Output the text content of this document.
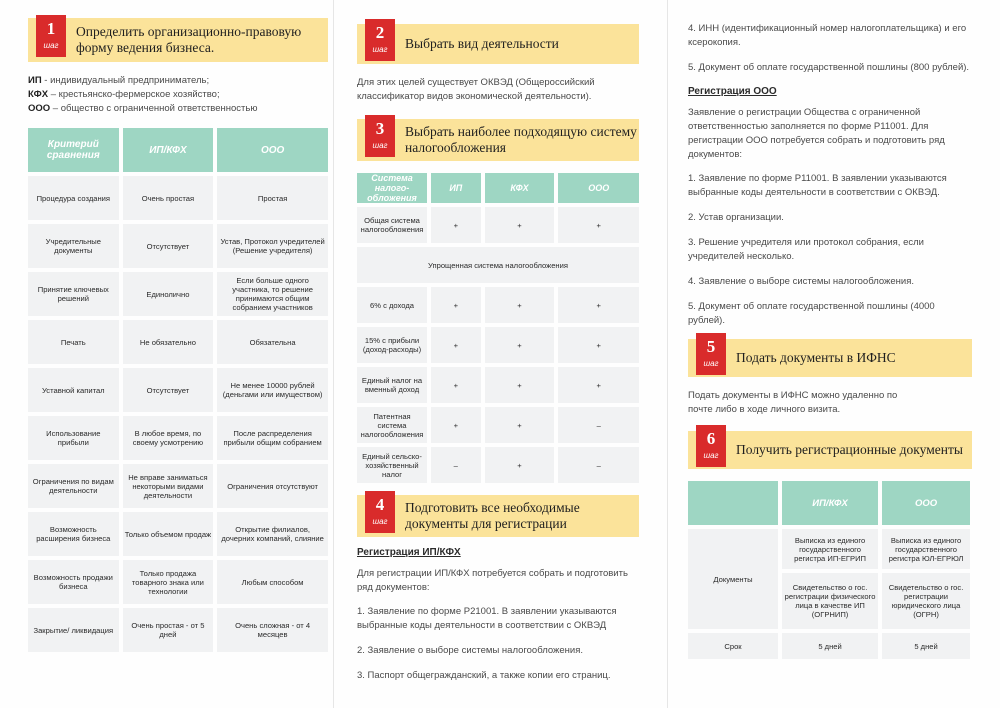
1
шаг
Определить организационно-правовую форму ведения бизнеса.
ИП - индивидуальный предприниматель;
КФХ – крестьянско-фермерское хозяйство;
ООО – общество с ограниченной ответственностью
Критерий сравнения	ИП/КФХ	ООО
Процедура создания	Очень простая	Простая
Учредительные документы	Отсутствует	Устав, Протокол учредителей (Решение учредителя)
Принятие ключевых решений	Единолично	Если больше одного участника, то решение принимаются общим собранием участников
Печать	Не обязательно	Обязательна
Уставной капитал	Отсутствует	Не менее 10000 рублей (деньгами или имуществом)
Использование прибыли	В любое время, по своему усмотрению	После распределения прибыли общим собранием
Ограничения по видам деятельности	Не вправе заниматься некоторыми видами деятельности	Ограничения отсутствуют
Возможность расширения бизнеса	Только объемом продаж	Открытие филиалов, дочерних компаний, слияние
Возможность продажи бизнеса	Только продажа товарного знака или технологии	Любым способом
Закрытие/ ликвидация	Очень простая - от 5 дней	Очень сложная - от 4 месяцев
2
шаг	Выбрать вид деятельности
Для этих целей существует ОКВЭД (Общероссийский классификатор видов экономической деятельности).
3
шаг
Выбрать наиболее подходящую систему налогообложения
Система налого-обложения	ИП	КФХ	ООО
Общая система налогообложения	+	+	+
Упрощенная система налогообложения			
6% с дохода	+	+	+
15% с прибыли (доход-расходы)	+	+	+
Единый налог на вменный доход	+	+	+
Патентная система налогообложения	+	+	–
Единый сельско-хозяйственный налог	–	+	–
4
шаг
Подготовить все необходимые документы для регистрации
Регистрация ИП/КФХ
Для регистрации ИП/КФХ потребуется собрать и подготовить ряд документов:
1. Заявление по форме Р21001. В заявлении указываются выбранные коды деятельности в соответствии с ОКВЭД
2. Заявление о выборе системы налогообложения.
3. Паспорт общегражданский, а также копии его страниц.
4. ИНН (идентификационный номер налогоплательщика) и его ксерокопия.
5. Документ об оплате государственной пошлины (800 рублей).
Регистрация ООО
Заявление о регистрации Общества с ограниченной ответственностью заполняется по форме Р11001. Для регистрации ООО потребуется собрать и подготовить ряд документов:
1. Заявление по форме Р11001. В заявлении указываются выбранные коды деятельности в соответствии с ОКВЭД.
2. Устав организации.
3. Решение учредителя или протокол собрания, если учредителей несколько.
4. Заявление о выборе системы налогообложения.
5. Документ об оплате государственной пошлины (4000 рублей).
5
шаг	Подать документы в ИФНС
Подать документы в ИФНС можно удаленно по почте либо в ходе личного визита.
6
шаг	Получить регистрационные документы
	ИП/КФХ	ООО
Документы	Выписка из единого государственного регистра ИП-ЕГРИП	Выписка из единого государственного регистра ЮЛ-ЕГРЮЛ
	Свидетельство о гос. регистрации физического лица в качестве ИП (ОГРНИП)	Свидетельство о гос. регистрации юридического лица (ОГРН)
Срок	5 дней	5 дней
